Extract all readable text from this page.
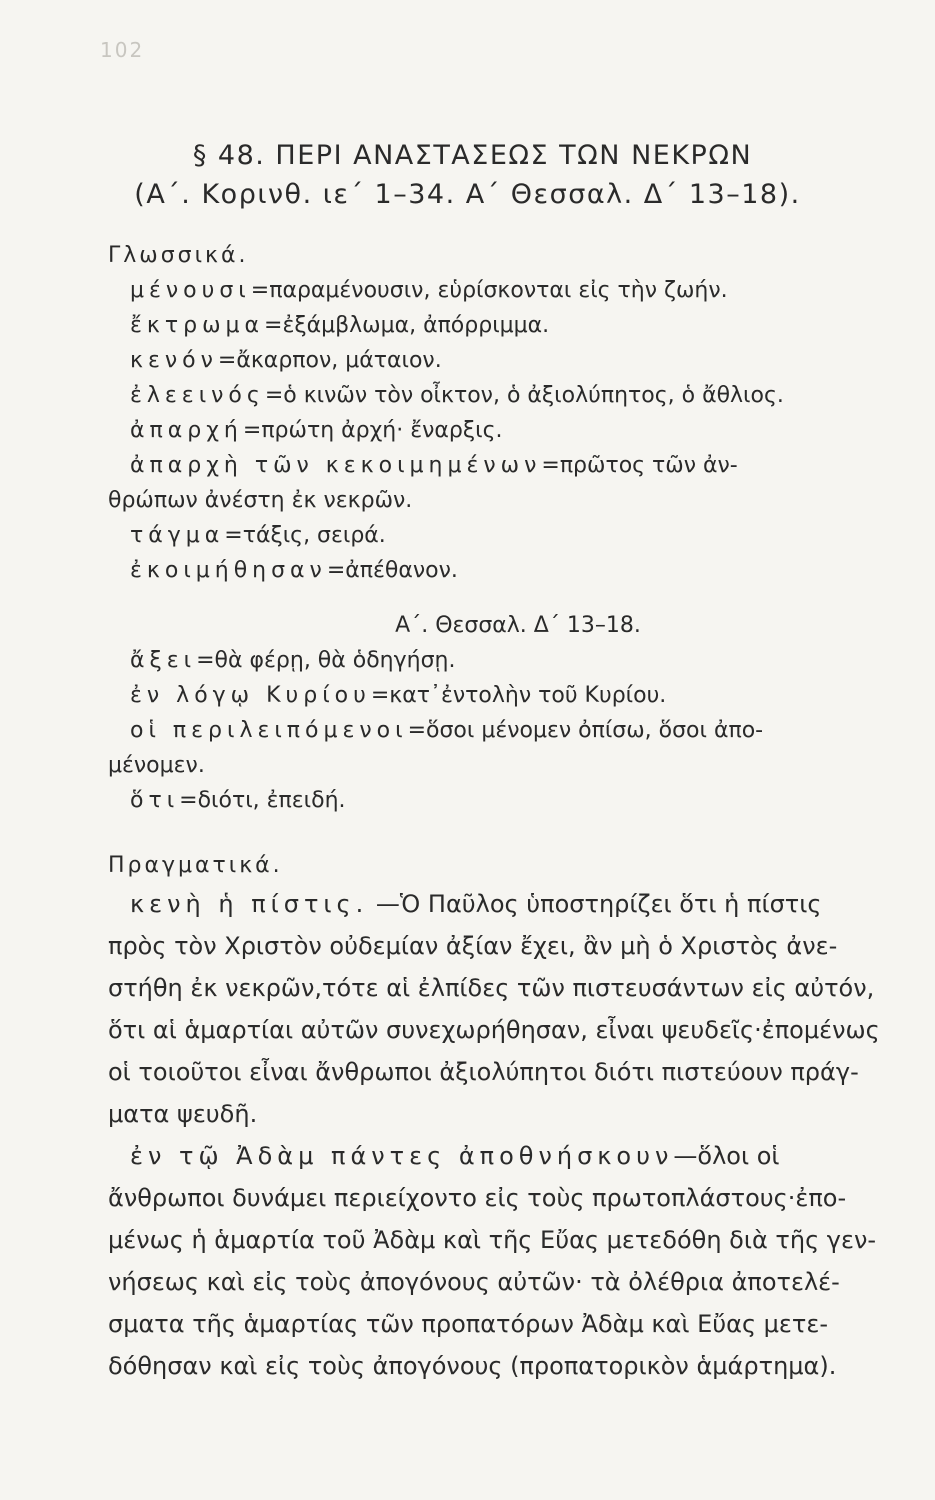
102
§ 48. ΠΕΡΙ ΑΝΑΣΤΑΣΕΩΣ ΤΩΝ ΝΕΚΡΩΝ
(Α΄. Κορινθ. ιε΄ 1–34. Α΄ Θεσσαλ. Δ΄ 13–18).
Γλωσσικά.
μένουσι=παραμένουσιν, εὑρίσκονται εἰς τὴν ζωήν.
ἔκτρωμα=ἐξάμβλωμα, ἀπόρριμμα.
κενόν=ἄκαρπον, μάταιον.
ἐλεεινός=ὁ κινῶν τὸν οἶκτον, ὁ ἀξιολύπητος, ὁ ἄθλιος.
ἀπαρχή=πρώτη ἀρχή· ἔναρξις.
ἀπαρχὴ τῶν κεκοιμημένων=πρῶτος τῶν ἀν-
θρώπων ἀνέστη ἐκ νεκρῶν.
τάγμα=τάξις, σειρά.
ἐκοιμήθησαν=ἀπέθανον.
Α΄. Θεσσαλ. Δ΄ 13–18.
ἄξει=θὰ φέρῃ, θὰ ὁδηγήσῃ.
ἐν λόγῳ Κυρίου=κατ᾽ἐντολὴν τοῦ Κυρίου.
οἱ περιλειπόμενοι=ὅσοι μένομεν ὀπίσω, ὅσοι ἀπο-
μένομεν.
ὅτι=διότι, ἐπειδή.
Πραγματικά.
κενὴ ἡ πίστις. —Ὁ Παῦλος ὑποστηρίζει ὅτι ἡ πίστις
πρὸς τὸν Χριστὸν οὐδεμίαν ἀξίαν ἔχει, ἂν μὴ ὁ Χριστὸς ἀνε-
στήθη ἐκ νεκρῶν,τότε αἱ ἐλπίδες τῶν πιστευσάντων εἰς αὐτόν,
ὅτι αἱ ἁμαρτίαι αὐτῶν συνεχωρήθησαν, εἶναι ψευδεῖς·ἐπομένως
οἱ τοιοῦτοι εἶναι ἄνθρωποι ἀξιολύπητοι διότι πιστεύουν πράγ-
ματα ψευδῆ.
ἐν τῷ Ἀδὰμ πάντες ἀποθνήσκουν—ὅλοι οἱ
ἄνθρωποι δυνάμει περιείχοντο εἰς τοὺς πρωτοπλάστους·ἐπο-
μένως ἡ ἁμαρτία τοῦ Ἀδὰμ καὶ τῆς Εὔας μετεδόθη διὰ τῆς γεν-
νήσεως καὶ εἰς τοὺς ἀπογόνους αὐτῶν· τὰ ὀλέθρια ἀποτελέ-
σματα τῆς ἁμαρτίας τῶν προπατόρων Ἀδὰμ καὶ Εὔας μετε-
δόθησαν καὶ εἰς τοὺς ἀπογόνους (προπατορικὸν ἁμάρτημα).
